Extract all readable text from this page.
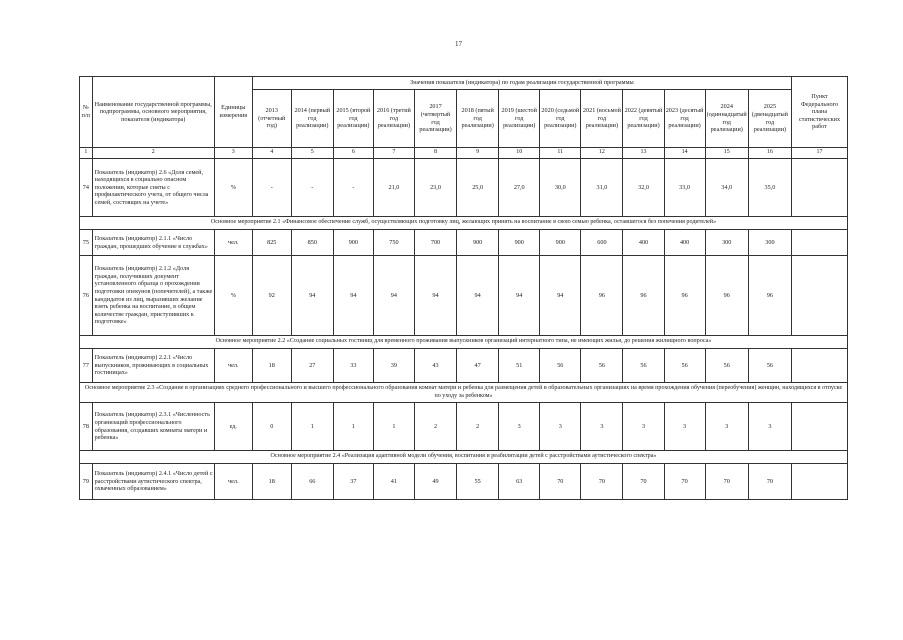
17
№ п/п	Наименование государственной программы, подпрограммы, основного мероприятия, показателя (индикатора)	Единицы измерения	Значения показателя (индикатора) по годам реализации государственной программы													Пункт Федерального плана статистических работ
			2013 (отчетный год)	2014 (первый год реализации)	2015 (второй год реализации)	2016 (третий год реализации)	2017 (четвертый год реализации)	2018 (пятый год реализации)	2019 (шестой год реализации)	2020 (седьмой год реализации)	2021 (восьмой год реализации)	2022 (девятый год реализации)	2023 (десятый год реализации)	2024 (одиннадцатый год реализации)	2025 (двенадцатый год реализации)	
1	2	3	4	5	6	7	8	9	10	11	12	13	14	15	16	17
74	Показатель (индикатор) 2.6 «Доля семей, находящихся в социально опасном положении, которые сняты с профилактического учета, от общего числа семей, состоящих на учете»	%	-	-	-	21,0	23,0	25,0	27,0	30,0	31,0	32,0	33,0	34,0	35,0	
Основное мероприятие 2.1 «Финансовое обеспечение служб, осуществляющих подготовку лиц, желающих принять на воспитание в свою семью ребенка, оставшегося без попечения родителей»																
75	Показатель (индикатор) 2.1.1 «Число граждан, прошедших обучение в службах»	чел.	825	850	900	750	700	900	900	900	600	400	400	300	300	
76	Показатель (индикатор) 2.1.2 «Доля граждан, получивших документ установленного образца о прохождении подготовки опекунов (попечителей), а также кандидатов из лиц, выразивших желание взять ребенка на воспитание, в общем количестве граждан, приступивших к подготовке»	%	92	94	94	94	94	94	94	94	96	96	96	96	96	
Основное мероприятие 2.2 «Создание социальных гостиниц для временного проживания выпускников организаций интернатного типа, не имеющих жилья, до решения жилищного вопроса»																
77	Показатель (индикатор) 2.2.1 «Число выпускников, проживающих в социальных гостиницах»	чел.	18	27	33	39	43	47	51	56	56	56	56	56	56	
Основное мероприятие 2.3 «Создание в организациях среднего профессионального и высшего профессионального образования комнат матери и ребенка для размещения детей в образовательных организациях на время прохождения обучения (переобучения) женщин, находящихся в отпуске по уходу за ребенком»																
78	Показатель (индикатор) 2.3.1 «Численность организаций профессионального образования, создавших комнаты матери и ребенка»	ед.	0	1	1	1	2	2	3	3	3	3	3	3	3	
Основное мероприятие 2.4 «Реализация адаптивной модели обучения, воспитания и реабилитации детей с расстройствами аутистического спектра»																
79	Показатель (индикатор) 2.4.1 «Число детей с расстройствами аутистического спектра, охваченных образованием»	чел.	18	66	37	41	49	55	63	70	70	70	70	70	70	
